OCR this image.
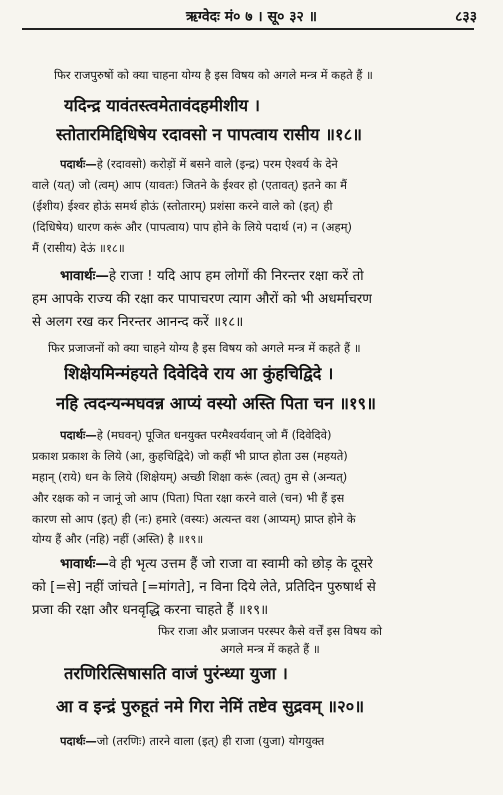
ऋग्वेदः मं० ७ । सू० ३२ ॥	८३३
फिर राजपुरुषों को क्या चाहना योग्य है इस विषय को अगले मन्त्र में कहते हैं ॥
यदिन्द्र यावंतस्त्वमेतावंदहमीशीय ।
स्तोतारमिद्दिधिषेय रदावसो न पापत्वाय रासीय ॥१८॥
पदार्थः—हे (रदावसो) करोड़ों में बसने वाले (इन्द्र) परम ऐश्वर्य के देने
वाले (यत्) जो (त्वम्) आप (यावतः) जितने के ईश्वर हो (एतावत्) इतने का मैं
(ईशीय) ईश्वर होऊं समर्थ होऊं (स्तोतारम्) प्रशंसा करने वाले को (इत्) ही
(दिधिषेय) धारण करूं और (पापत्वाय) पाप होने के लिये पदार्थ (न) न (अहम्)
मैं (रासीय) देऊं ॥१८॥
भावार्थः—हे राजा ! यदि आप हम लोगों की निरन्तर रक्षा करें तो
हम आपके राज्य की रक्षा कर पापाचरण त्याग औरों को भी अधर्माचरण
से अलग रख कर निरन्तर आनन्द करें ॥१८॥
फिर प्रजाजनों को क्या चाहने योग्य है इस विषय को अगले मन्त्र में कहते हैं ॥
शिक्षेयमिन्मंहयते दिवेदिवे राय आ कुंहचिद्विदे ।
नहि त्वदन्यन्मघवन्न आप्यं वस्यो अस्ति पिता चन ॥१९॥
पदार्थः—हे (मघवन्) पूजित धनयुक्त परमैश्वर्यवान् जो मैं (दिवेदिवे)
प्रकाश प्रकाश के लिये (आ, कुहचिद्विदे) जो कहीं भी प्राप्त होता उस (महयते)
महान् (राये) धन के लिये (शिक्षेयम्) अच्छी शिक्षा करूं (त्वत्) तुम से (अन्यत्)
और रक्षक को न जानूं जो आप (पिता) पिता रक्षा करने वाले (चन) भी हैं इस
कारण सो आप (इत्) ही (नः) हमारे (वस्यः) अत्यन्त वश (आप्यम्) प्राप्त होने के
योग्य हैं और (नहि) नहीं (अस्ति) है ॥१९॥
भावार्थः—वे ही भृत्य उत्तम हैं जो राजा वा स्वामी को छोड़ के दूसरे
को [=से] नहीं जांचते [=मांगते], न विना दिये लेते, प्रतिदिन पुरुषार्थ से
प्रजा की रक्षा और धनवृद्धि करना चाहते हैं ॥१९॥
फिर राजा और प्रजाजन परस्पर कैसे वर्त्तें इस विषय को
अगले मन्त्र में कहते हैं ॥
तरणिरित्सिषासति वाजं पुरंन्ध्या युजा ।
आ व इन्द्रं पुरुहूतं नमे गिरा नेमिं तष्टेव सुद्रवम् ॥२०॥
पदार्थः—जो (तरणिः) तारने वाला (इत्) ही राजा (युजा) योगयुक्त
